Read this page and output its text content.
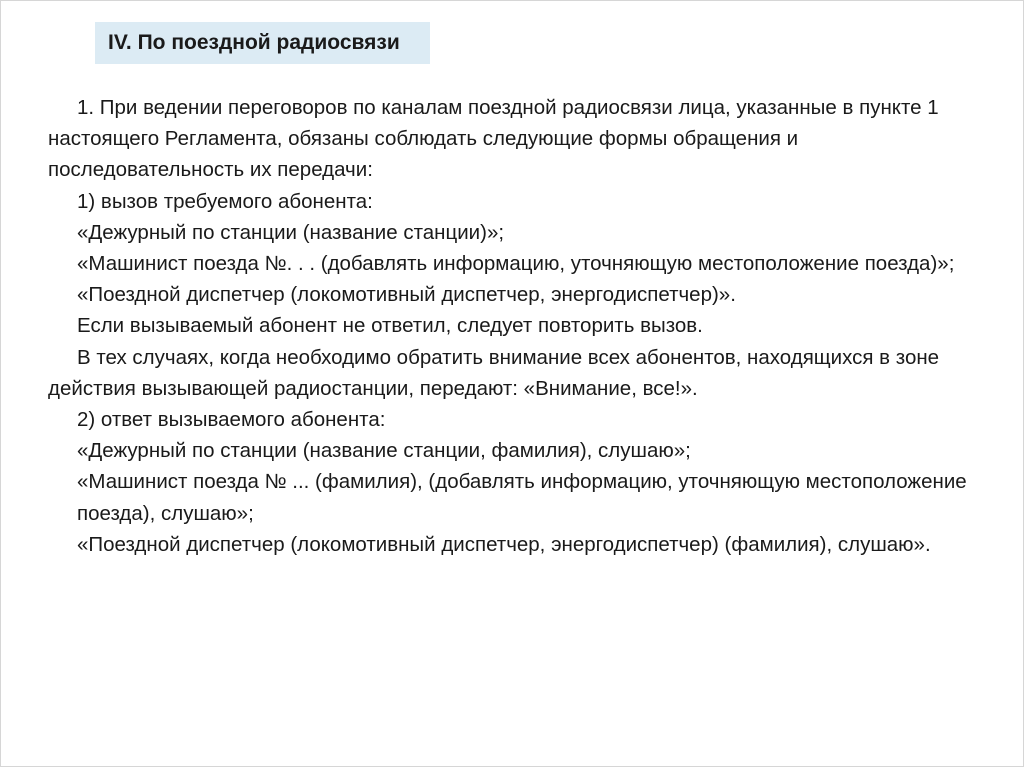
IV. По поездной радиосвязи

1. При ведении переговоров по каналам поездной радиосвязи лица, указанные в пункте 1 настоящего Регламента, обязаны соблюдать следующие формы обращения и последовательность их передачи:

1) вызов требуемого абонента:

«Дежурный по станции (название станции)»;

«Машинист поезда №. . . (добавлять информацию, уточняющую местоположение поезда)»;

«Поездной диспетчер (локомотивный диспетчер, энергодиспетчер)».

Если вызываемый абонент не ответил, следует повторить вызов.

В тех случаях, когда необходимо обратить внимание всех абонентов, находящихся в зоне действия вызывающей радиостанции, передают: «Внимание, все!».

2) ответ вызываемого абонента:

«Дежурный по станции (название станции, фамилия), слушаю»;

«Машинист поезда № ... (фамилия), (добавлять информацию, уточняющую местоположение поезда), слушаю»;

«Поездной диспетчер (локомотивный диспетчер, энергодиспетчер) (фамилия), слушаю».
